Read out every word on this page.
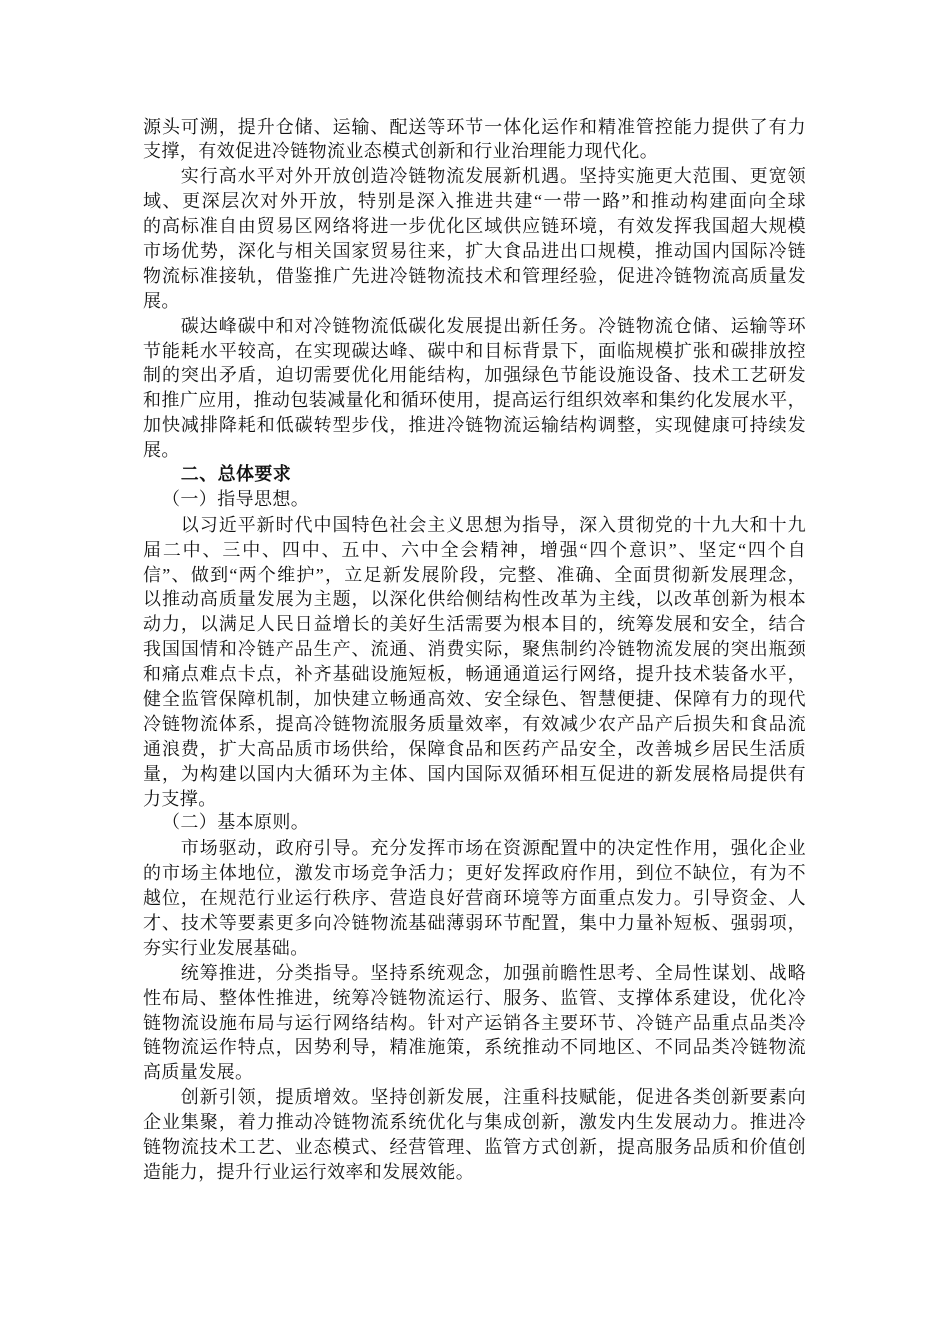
源头可溯，提升仓储、运输、配送等环节一体化运作和精准管控能力提供了有力
支撑，有效促进冷链物流业态模式创新和行业治理能力现代化。
实行高水平对外开放创造冷链物流发展新机遇。坚持实施更大范围、更宽领
域、更深层次对外开放，特别是深入推进共建“一带一路”和推动构建面向全球
的高标准自由贸易区网络将进一步优化区域供应链环境，有效发挥我国超大规模
市场优势，深化与相关国家贸易往来，扩大食品进出口规模，推动国内国际冷链
物流标准接轨，借鉴推广先进冷链物流技术和管理经验，促进冷链物流高质量发
展。
碳达峰碳中和对冷链物流低碳化发展提出新任务。冷链物流仓储、运输等环
节能耗水平较高，在实现碳达峰、碳中和目标背景下，面临规模扩张和碳排放控
制的突出矛盾，迫切需要优化用能结构，加强绿色节能设施设备、技术工艺研发
和推广应用，推动包装减量化和循环使用，提高运行组织效率和集约化发展水平，
加快减排降耗和低碳转型步伐，推进冷链物流运输结构调整，实现健康可持续发
展。
二、总体要求
（一）指导思想。
以习近平新时代中国特色社会主义思想为指导，深入贯彻党的十九大和十九
届二中、三中、四中、五中、六中全会精神，增强“四个意识”、坚定“四个自
信”、做到“两个维护”，立足新发展阶段，完整、准确、全面贯彻新发展理念，
以推动高质量发展为主题，以深化供给侧结构性改革为主线，以改革创新为根本
动力，以满足人民日益增长的美好生活需要为根本目的，统筹发展和安全，结合
我国国情和冷链产品生产、流通、消费实际，聚焦制约冷链物流发展的突出瓶颈
和痛点难点卡点，补齐基础设施短板，畅通通道运行网络，提升技术装备水平，
健全监管保障机制，加快建立畅通高效、安全绿色、智慧便捷、保障有力的现代
冷链物流体系，提高冷链物流服务质量效率，有效减少农产品产后损失和食品流
通浪费，扩大高品质市场供给，保障食品和医药产品安全，改善城乡居民生活质
量，为构建以国内大循环为主体、国内国际双循环相互促进的新发展格局提供有
力支撑。
（二）基本原则。
市场驱动，政府引导。充分发挥市场在资源配置中的决定性作用，强化企业
的市场主体地位，激发市场竞争活力；更好发挥政府作用，到位不缺位，有为不
越位，在规范行业运行秩序、营造良好营商环境等方面重点发力。引导资金、人
才、技术等要素更多向冷链物流基础薄弱环节配置，集中力量补短板、强弱项，
夯实行业发展基础。
统筹推进，分类指导。坚持系统观念，加强前瞻性思考、全局性谋划、战略
性布局、整体性推进，统筹冷链物流运行、服务、监管、支撑体系建设，优化冷
链物流设施布局与运行网络结构。针对产运销各主要环节、冷链产品重点品类冷
链物流运作特点，因势利导，精准施策，系统推动不同地区、不同品类冷链物流
高质量发展。
创新引领，提质增效。坚持创新发展，注重科技赋能，促进各类创新要素向
企业集聚，着力推动冷链物流系统优化与集成创新，激发内生发展动力。推进冷
链物流技术工艺、业态模式、经营管理、监管方式创新，提高服务品质和价值创
造能力，提升行业运行效率和发展效能。
